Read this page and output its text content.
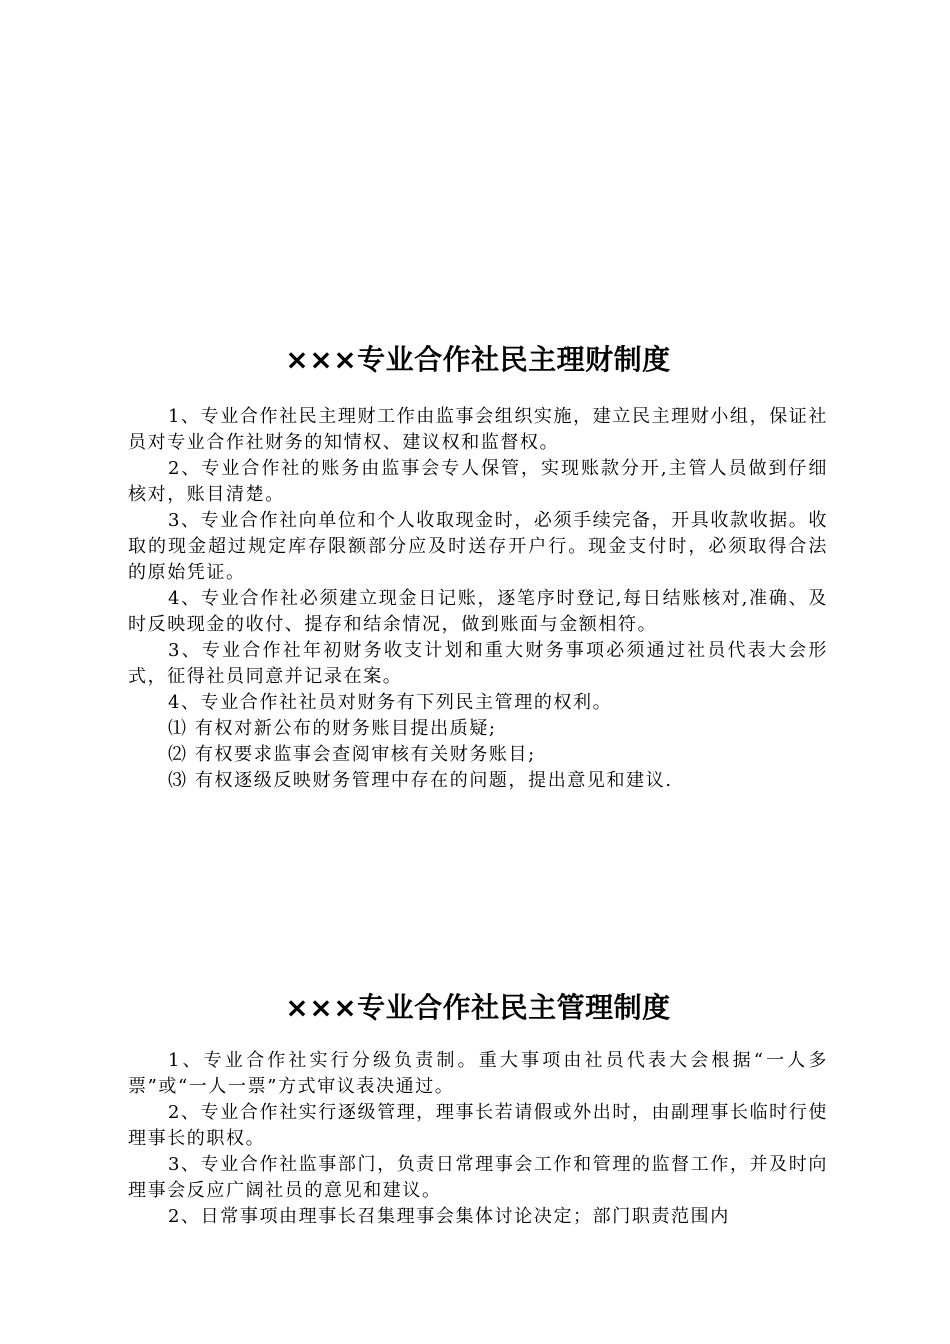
×××专业合作社民主理财制度

1、专业合作社民主理财工作由监事会组织实施，建立民主理财小组，保证社员对专业合作社财务的知情权、建议权和监督权。

2、专业合作社的账务由监事会专人保管，实现账款分开,主管人员做到仔细核对，账目清楚。

3、专业合作社向单位和个人收取现金时，必须手续完备，开具收款收据。收取的现金超过规定库存限额部分应及时送存开户行。现金支付时，必须取得合法的原始凭证。

4、专业合作社必须建立现金日记账，逐笔序时登记,每日结账核对,准确、及时反映现金的收付、提存和结余情况，做到账面与金额相符。

3、专业合作社年初财务收支计划和重大财务事项必须通过社员代表大会形式，征得社员同意并记录在案。

4、专业合作社社员对财务有下列民主管理的权利。

⑴ 有权对新公布的财务账目提出质疑;

⑵ 有权要求监事会查阅审核有关财务账目;

⑶ 有权逐级反映财务管理中存在的问题，提出意见和建议.

×××专业合作社民主管理制度

1、专业合作社实行分级负责制。重大事项由社员代表大会根据“一人多票”或“一人一票”方式审议表决通过。

2、专业合作社实行逐级管理，理事长若请假或外出时，由副理事长临时行使理事长的职权。

3、专业合作社监事部门，负责日常理事会工作和管理的监督工作，并及时向理事会反应广阔社员的意见和建议。

2、日常事项由理事长召集理事会集体讨论决定；部门职责范围内
